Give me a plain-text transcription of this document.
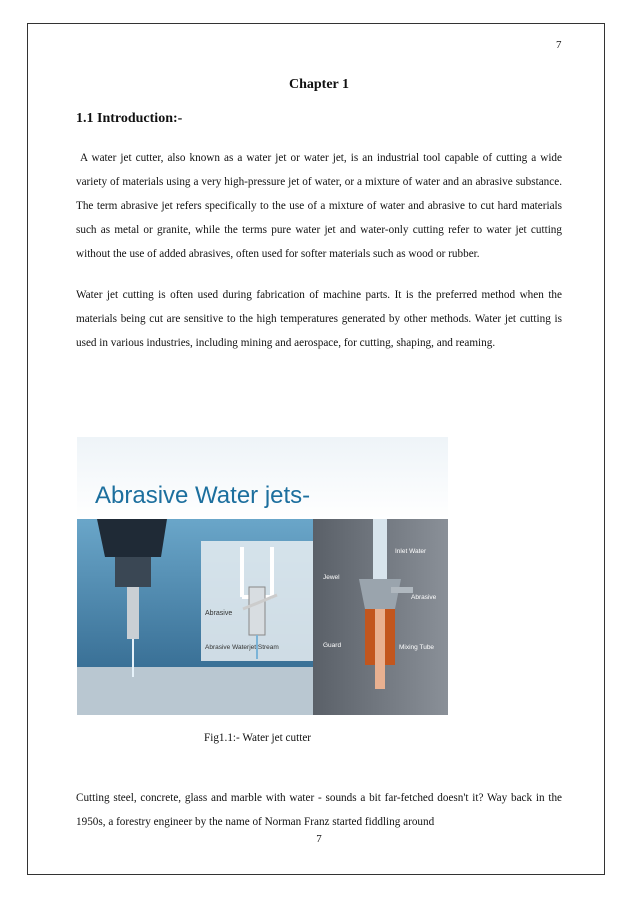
7
Chapter 1
1.1 Introduction:-
A water jet cutter, also known as a water jet or water jet, is an industrial tool capable of cutting a wide variety of materials using a very high-pressure jet of water, or a mixture of water and an abrasive substance. The term abrasive jet refers specifically to the use of a mixture of water and abrasive to cut hard materials such as metal or granite, while the terms pure water jet and water-only cutting refer to water jet cutting without the use of added abrasives, often used for softer materials such as wood or rubber.
Water jet cutting is often used during fabrication of machine parts. It is the preferred method when the materials being cut are sensitive to the high temperatures generated by other methods. Water jet cutting is used in various industries, including mining and aerospace, for cutting, shaping, and reaming.
Abrasive Water jets-
Abrasive
Abrasive Waterjet Stream
Inlet Water
Jewel
Abrasive
Guard	Mixing Tube
Fig1.1:- Water jet cutter
Cutting steel, concrete, glass and marble with water - sounds a bit far-fetched doesn't it? Way back in the 1950s, a forestry engineer by the name of Norman Franz started fiddling around
7
